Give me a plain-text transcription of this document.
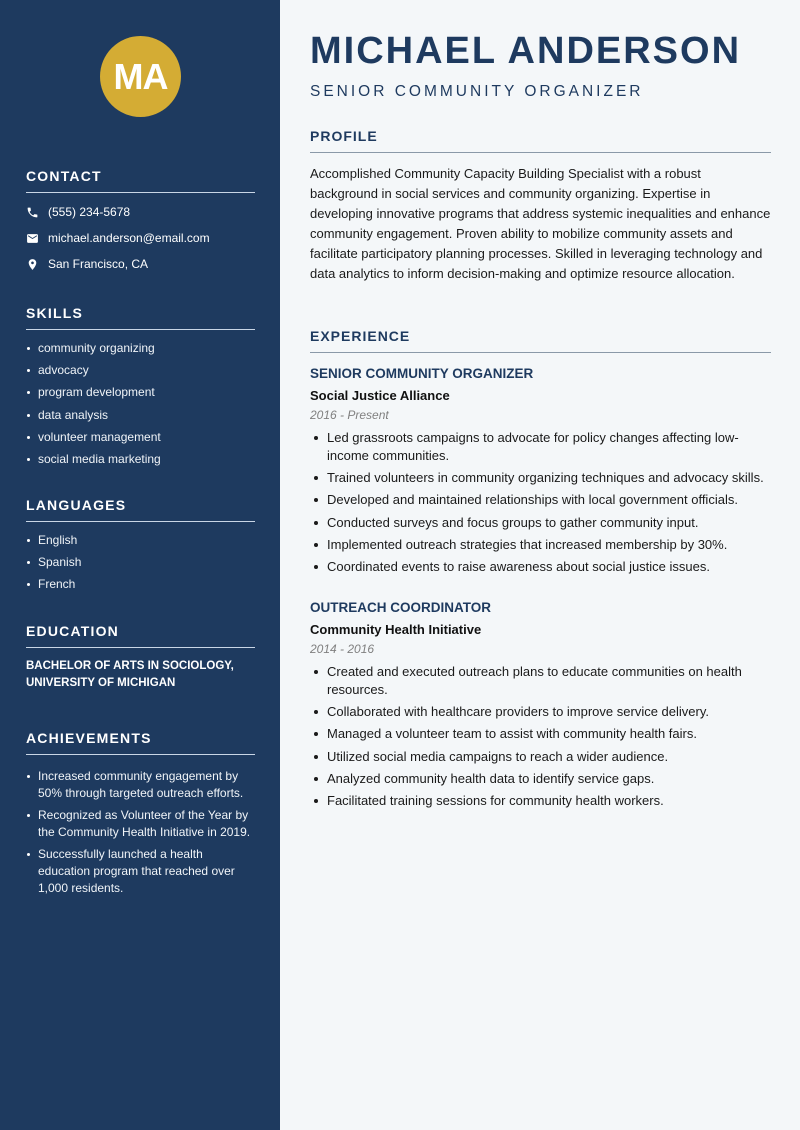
MA
CONTACT
(555) 234-5678
michael.anderson@email.com
San Francisco, CA
SKILLS
community organizing
advocacy
program development
data analysis
volunteer management
social media marketing
LANGUAGES
English
Spanish
French
EDUCATION
BACHELOR OF ARTS IN SOCIOLOGY, UNIVERSITY OF MICHIGAN
ACHIEVEMENTS
Increased community engagement by 50% through targeted outreach efforts.
Recognized as Volunteer of the Year by the Community Health Initiative in 2019.
Successfully launched a health education program that reached over 1,000 residents.
MICHAEL ANDERSON
SENIOR COMMUNITY ORGANIZER
PROFILE
Accomplished Community Capacity Building Specialist with a robust background in social services and community organizing. Expertise in developing innovative programs that address systemic inequalities and enhance community engagement. Proven ability to mobilize community assets and facilitate participatory planning processes. Skilled in leveraging technology and data analytics to inform decision-making and optimize resource allocation.
EXPERIENCE
SENIOR COMMUNITY ORGANIZER
Social Justice Alliance
2016 - Present
Led grassroots campaigns to advocate for policy changes affecting low-income communities.
Trained volunteers in community organizing techniques and advocacy skills.
Developed and maintained relationships with local government officials.
Conducted surveys and focus groups to gather community input.
Implemented outreach strategies that increased membership by 30%.
Coordinated events to raise awareness about social justice issues.
OUTREACH COORDINATOR
Community Health Initiative
2014 - 2016
Created and executed outreach plans to educate communities on health resources.
Collaborated with healthcare providers to improve service delivery.
Managed a volunteer team to assist with community health fairs.
Utilized social media campaigns to reach a wider audience.
Analyzed community health data to identify service gaps.
Facilitated training sessions for community health workers.
